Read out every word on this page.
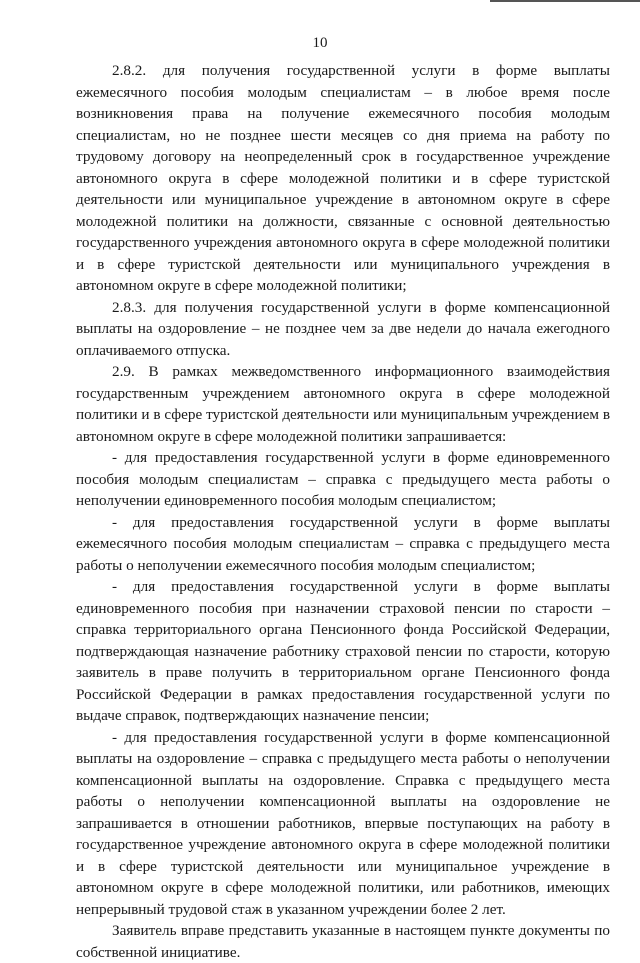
10

2.8.2. для получения государственной услуги в форме выплаты ежемесячного пособия молодым специалистам – в любое время после возникновения права на получение ежемесячного пособия молодым специалистам, но не позднее шести месяцев со дня приема на работу по трудовому договору на неопределенный срок в государственное учреждение автономного округа в сфере молодежной политики и в сфере туристской деятельности или муниципальное учреждение в автономном округе в сфере молодежной политики на должности, связанные с основной деятельностью государственного учреждения автономного округа в сфере молодежной политики и в сфере туристской деятельности или муниципального учреждения в автономном округе в сфере молодежной политики;

2.8.3. для получения государственной услуги в форме компенсационной выплаты на оздоровление – не позднее чем за две недели до начала ежегодного оплачиваемого отпуска.

2.9. В рамках межведомственного информационного взаимодействия государственным учреждением автономного округа в сфере молодежной политики и в сфере туристской деятельности или муниципальным учреждением в автономном округе в сфере молодежной политики запрашивается:

- для предоставления государственной услуги в форме единовременного пособия молодым специалистам – справка с предыдущего места работы о неполучении единовременного пособия молодым специалистом;

- для предоставления государственной услуги в форме выплаты ежемесячного пособия молодым специалистам – справка с предыдущего места работы о неполучении ежемесячного пособия молодым специалистом;

- для предоставления государственной услуги в форме выплаты единовременного пособия при назначении страховой пенсии по старости – справка территориального органа Пенсионного фонда Российской Федерации, подтверждающая назначение работнику страховой пенсии по старости, которую заявитель в праве получить в территориальном органе Пенсионного фонда Российской Федерации в рамках предоставления государственной услуги по выдаче справок, подтверждающих назначение пенсии;

- для предоставления государственной услуги в форме компенсационной выплаты на оздоровление – справка с предыдущего места работы о неполучении компенсационной выплаты на оздоровление. Справка с предыдущего места работы о неполучении компенсационной выплаты на оздоровление не запрашивается в отношении работников, впервые поступающих на работу в государственное учреждение автономного округа в сфере молодежной политики и в сфере туристской деятельности или муниципальное учреждение в автономном округе в сфере молодежной политики, или работников, имеющих непрерывный трудовой стаж в указанном учреждении более 2 лет.

Заявитель вправе представить указанные в настоящем пункте документы по собственной инициативе.
